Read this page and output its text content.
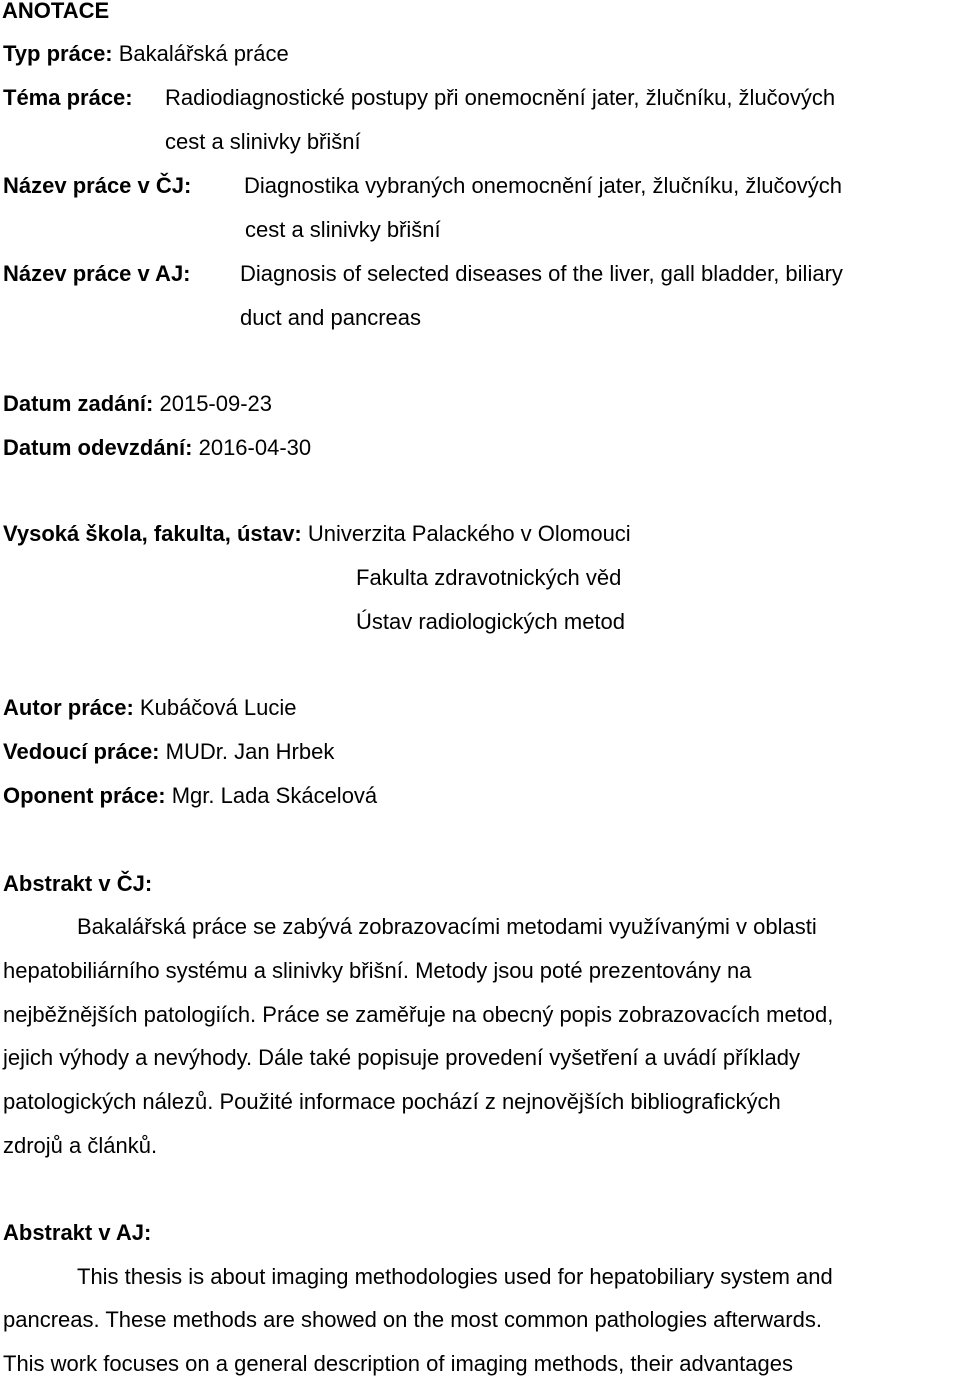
ANOTACE
Typ práce: Bakalářská práce
Téma práce: Radiodiagnostické postupy při onemocnění jater, žlučníku, žlučových
cest a slinivky břišní
Název práce v ČJ: Diagnostika vybraných onemocnění jater, žlučníku, žlučových
cest a slinivky břišní
Název práce v AJ: Diagnosis of selected diseases of the liver, gall bladder, biliary
duct and pancreas
Datum zadání: 2015-09-23
Datum odevzdání: 2016-04-30
Vysoká škola, fakulta, ústav: Univerzita Palackého v Olomouci
Fakulta zdravotnických věd
Ústav radiologických metod
Autor práce: Kubáčová Lucie
Vedoucí práce: MUDr. Jan Hrbek
Oponent práce: Mgr. Lada Skácelová
Abstrakt v ČJ:
Bakalářská práce se zabývá zobrazovacími metodami využívanými v oblasti
hepatobiliárního systému a slinivky břišní. Metody jsou poté prezentovány na
nejběžnějších patologiích. Práce se zaměřuje na obecný popis zobrazovacích metod,
jejich výhody a nevýhody. Dále také popisuje provedení vyšetření a uvádí příklady
patologických nálezů. Použité informace pochází z nejnovějších bibliografických
zdrojů a článků.
Abstrakt v AJ:
This thesis is about imaging methodologies used for hepatobiliary system and
pancreas. These methods are showed on the most common pathologies afterwards.
This work focuses on a general description of imaging methods, their advantages
